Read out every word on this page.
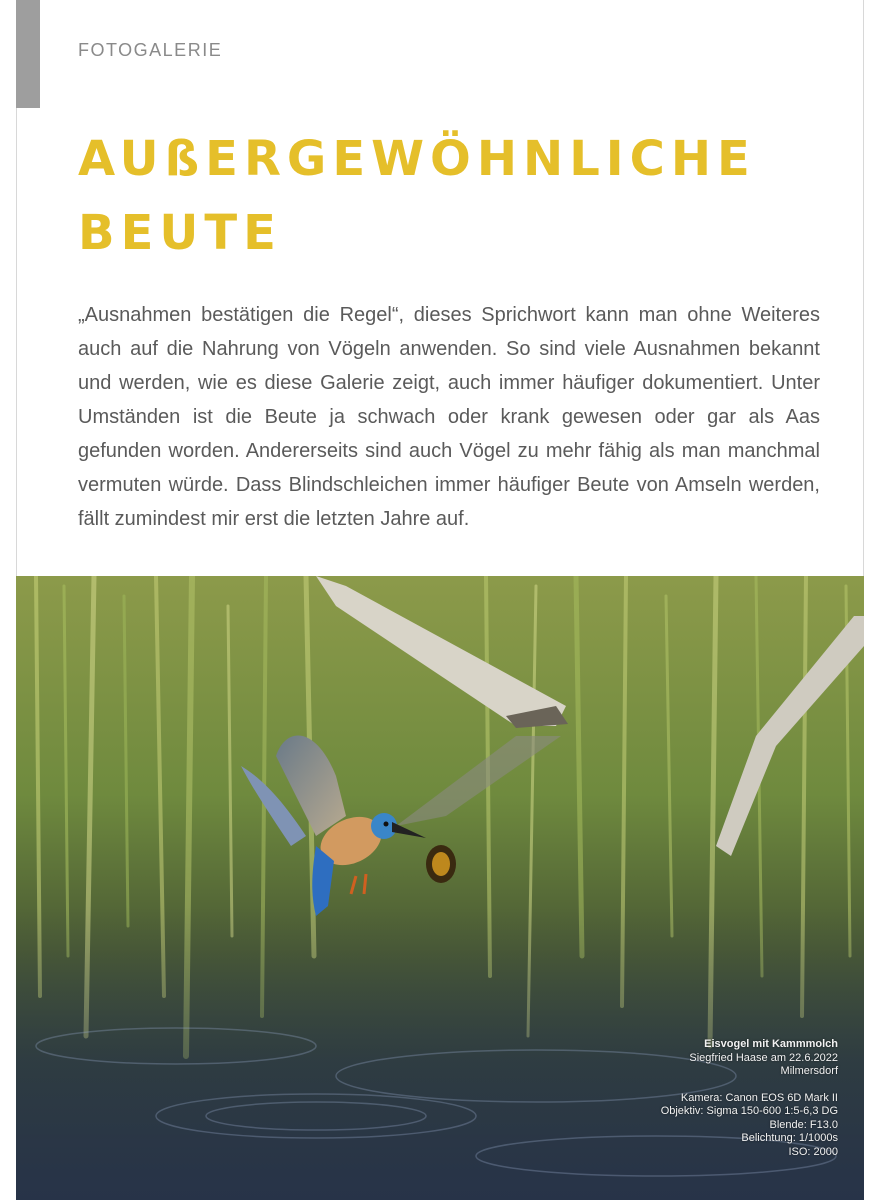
FOTOGALERIE
AUßERGEWÖHNLICHE
BEUTE

„Ausnahmen bestätigen die Regel“, dieses Sprichwort kann man ohne Weiteres auch auf die Nahrung von Vögeln anwenden. So sind viele Ausnahmen bekannt und werden, wie es diese Galerie zeigt, auch immer häufiger dokumentiert. Unter Umständen ist die Beute ja schwach oder krank gewesen oder gar als Aas gefunden worden. Andererseits sind auch Vögel zu mehr fähig als man manchmal vermuten würde. Dass Blindschleichen immer häufiger Beute von Amseln werden, fällt zumindest mir erst die letzten Jahre auf.

Eisvogel mit Kammmolch
Siegfried Haase am 22.6.2022
Milmersdorf
Kamera: Canon EOS 6D Mark II
Objektiv: Sigma 150-600 1:5-6,3 DG
Blende: F13.0
Belichtung: 1/1000s
ISO: 2000
